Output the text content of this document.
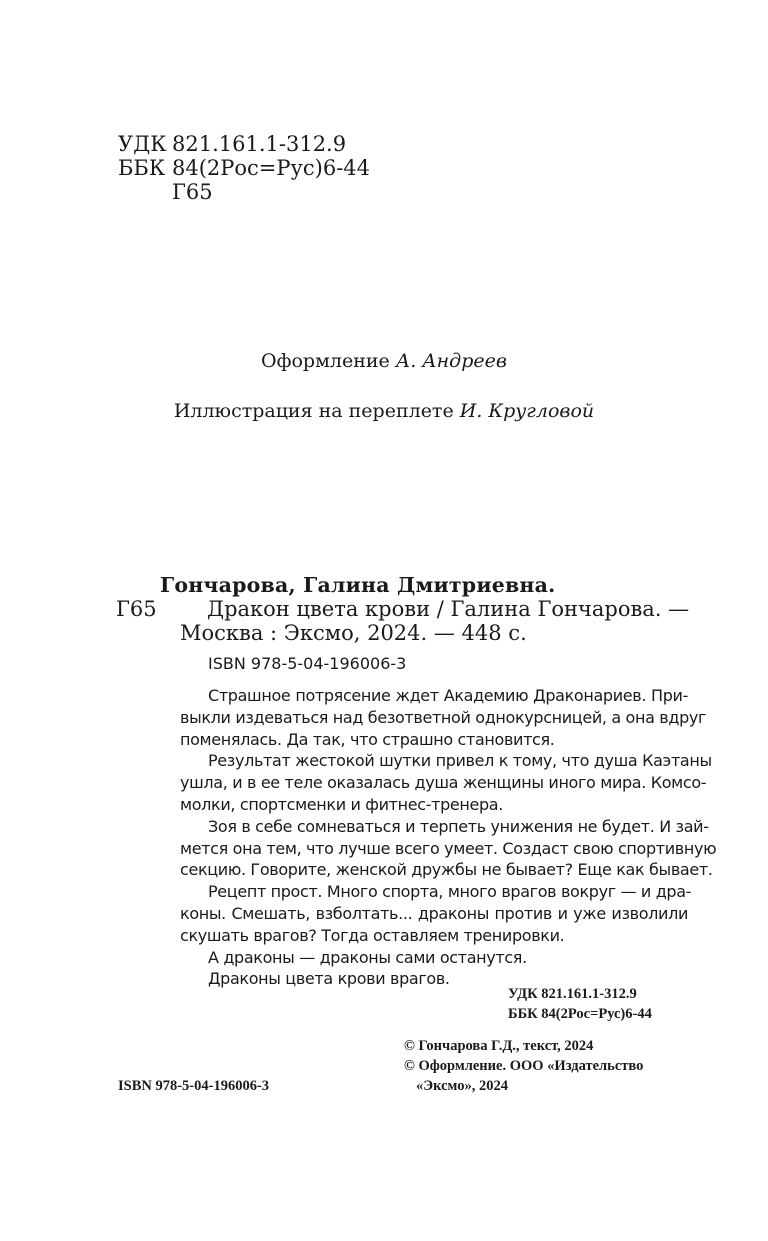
УДК 821.161.1-312.9
ББК 84(2Рос=Рус)6-44
Г65
Оформление А. Андреев
Иллюстрация на переплете И. Кругловой
Гончарова, Галина Дмитриевна.
Г65 Дракон цвета крови / Галина Гончарова. —
Москва : Эксмо, 2024. — 448 с.
ISBN 978-5-04-196006-3
Страшное потрясение ждет Академию Драконариев. При-
выкли издеваться над безответной однокурсницей, а она вдруг
поменялась. Да так, что страшно становится.
Результат жестокой шутки привел к тому, что душа Каэтаны
ушла, и в ее теле оказалась душа женщины иного мира. Комсо-
молки, спортсменки и фитнес-тренера.
Зоя в себе сомневаться и терпеть унижения не будет. И зай-
мется она тем, что лучше всего умеет. Создаст свою спортивную
секцию. Говорите, женской дружбы не бывает? Еще как бывает.
Рецепт прост. Много спорта, много врагов вокруг — и дра-
коны. Смешать, взболтать... драконы против и уже изволили
скушать врагов? Тогда оставляем тренировки.
А драконы — драконы сами останутся.
Драконы цвета крови врагов.
УДК 821.161.1-312.9
ББК 84(2Рос=Рус)6-44
© Гончарова Г.Д., текст, 2024
© Оформление. ООО «Издательство
«Эксмо», 2024
ISBN 978-5-04-196006-3
